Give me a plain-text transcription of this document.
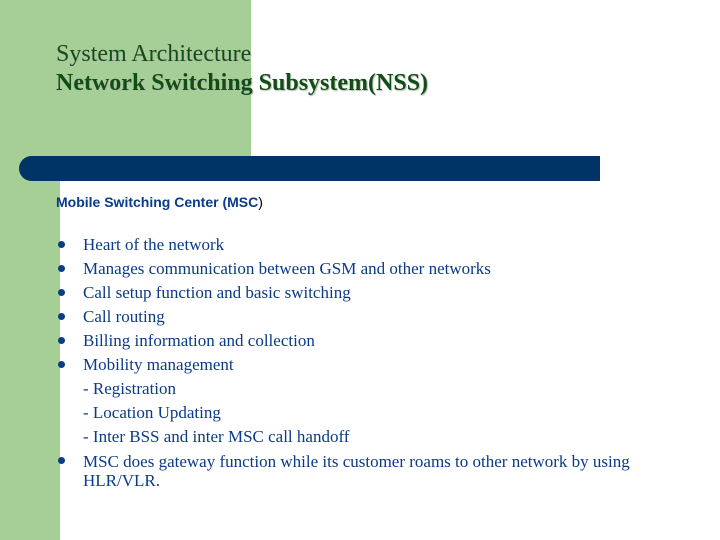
System Architecture
Network Switching Subsystem(NSS)
Mobile Switching Center (MSC)
Heart of the network
Manages communication between GSM and other networks
Call setup function and basic switching
Call routing
Billing information and collection
Mobility management
- Registration
- Location Updating
- Inter BSS and inter MSC call handoff
MSC does gateway function while its customer roams to other network by using HLR/VLR.
